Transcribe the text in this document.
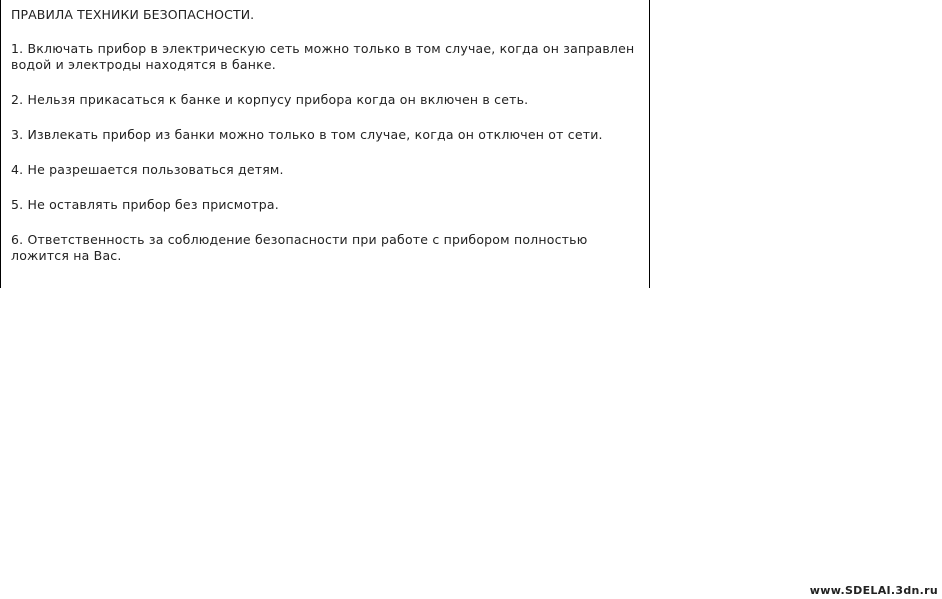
ПРАВИЛА ТЕХНИКИ БЕЗОПАСНОСТИ.

1. Включать прибор в электрическую сеть можно только в том случае, когда он заправлен водой и электроды находятся в банке.

2. Нельзя прикасаться к банке и корпусу прибора когда он включен в сеть.

3. Извлекать прибор из банки можно только в том случае, когда он отключен от сети.

4. Не разрешается пользоваться детям.

5. Не оставлять прибор без присмотра.

6. Ответственность за соблюдение безопасности при работе с прибором полностью ложится на Вас.

www.SDELAI.3dn.ru
